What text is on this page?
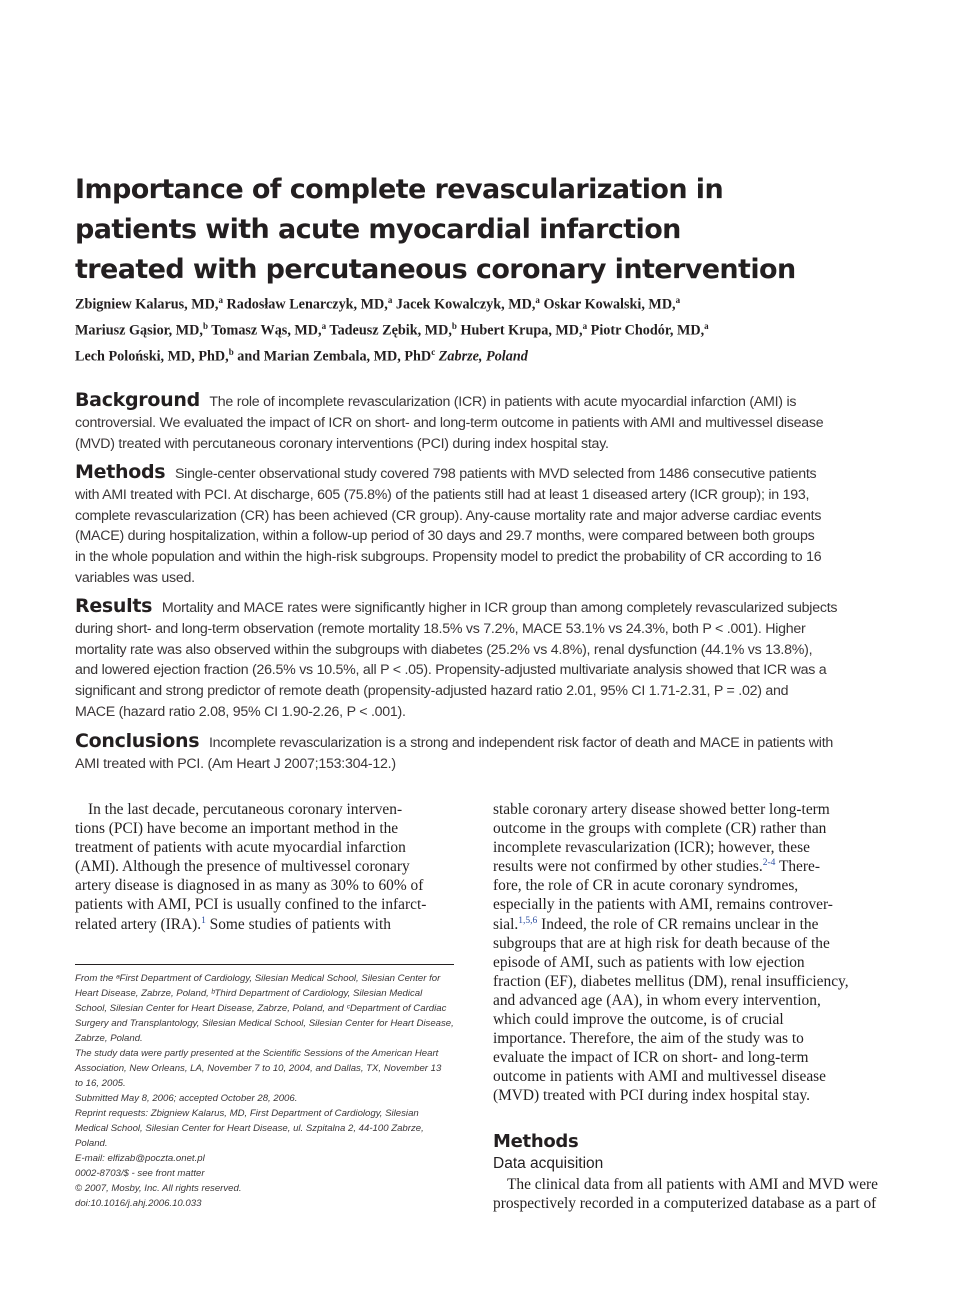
Importance of complete revascularization in
patients with acute myocardial infarction
treated with percutaneous coronary intervention
Zbigniew Kalarus, MD,$^a$ Radosław Lenarczyk, MD,$^a$ Jacek Kowalczyk, MD,$^a$ Oskar Kowalski, MD,$^a$
Mariusz Gąsior, MD,$^b$ Tomasz Wąs, MD,$^a$ Tadeusz Zębik, MD,$^b$ Hubert Krupa, MD,$^a$ Piotr Chodór, MD,$^a$
Lech Poloński, MD, PhD,$^b$ and Marian Zembala, MD, PhD$^c$ Zabrze, Poland
Background The role of incomplete revascularization (ICR) in patients with acute myocardial infarction (AMI) is
controversial. We evaluated the impact of ICR on short- and long-term outcome in patients with AMI and multivessel disease
(MVD) treated with percutaneous coronary interventions (PCI) during index hospital stay.
Methods Single-center observational study covered 798 patients with MVD selected from 1486 consecutive patients
with AMI treated with PCI. At discharge, 605 (75.8%) of the patients still had at least 1 diseased artery (ICR group); in 193,
complete revascularization (CR) has been achieved (CR group). Any-cause mortality rate and major adverse cardiac events
(MACE) during hospitalization, within a follow-up period of 30 days and 29.7 months, were compared between both groups
in the whole population and within the high-risk subgroups. Propensity model to predict the probability of CR according to 16
variables was used.
Results Mortality and MACE rates were significantly higher in ICR group than among completely revascularized subjects
during short- and long-term observation (remote mortality 18.5% vs 7.2%, MACE 53.1% vs 24.3%, both P < .001). Higher
mortality rate was also observed within the subgroups with diabetes (25.2% vs 4.8%), renal dysfunction (44.1% vs 13.8%),
and lowered ejection fraction (26.5% vs 10.5%, all P < .05). Propensity-adjusted multivariate analysis showed that ICR was a
significant and strong predictor of remote death (propensity-adjusted hazard ratio 2.01, 95% CI 1.71-2.31, P = .02) and
MACE (hazard ratio 2.08, 95% CI 1.90-2.26, P < .001).
Conclusions Incomplete revascularization is a strong and independent risk factor of death and MACE in patients with
AMI treated with PCI. (Am Heart J 2007;153:304-12.)
In the last decade, percutaneous coronary interven-
tions (PCI) have become an important method in the
treatment of patients with acute myocardial infarction
(AMI). Although the presence of multivessel coronary
artery disease is diagnosed in as many as 30% to 60% of
patients with AMI, PCI is usually confined to the infarct-
related artery (IRA).$^1$ Some studies of patients with
From the ᵃFirst Department of Cardiology, Silesian Medical School, Silesian Center for
Heart Disease, Zabrze, Poland, ᵇThird Department of Cardiology, Silesian Medical
School, Silesian Center for Heart Disease, Zabrze, Poland, and ᶜDepartment of Cardiac
Surgery and Transplantology, Silesian Medical School, Silesian Center for Heart Disease,
Zabrze, Poland.
The study data were partly presented at the Scientific Sessions of the American Heart
Association, New Orleans, LA, November 7 to 10, 2004, and Dallas, TX, November 13
to 16, 2005.
Submitted May 8, 2006; accepted October 28, 2006.
Reprint requests: Zbigniew Kalarus, MD, First Department of Cardiology, Silesian
Medical School, Silesian Center for Heart Disease, ul. Szpitalna 2, 44-100 Zabrze,
Poland.
E-mail: elfizab@poczta.onet.pl
0002-8703/$ - see front matter
© 2007, Mosby, Inc. All rights reserved.
doi:10.1016/j.ahj.2006.10.033
stable coronary artery disease showed better long-term
outcome in the groups with complete (CR) rather than
incomplete revascularization (ICR); however, these
results were not confirmed by other studies.$^{2-4}$ There-
fore, the role of CR in acute coronary syndromes,
especially in the patients with AMI, remains controver-
sial.$^{1,5,6}$ Indeed, the role of CR remains unclear in the
subgroups that are at high risk for death because of the
episode of AMI, such as patients with low ejection
fraction (EF), diabetes mellitus (DM), renal insufficiency,
and advanced age (AA), in whom every intervention,
which could improve the outcome, is of crucial
importance. Therefore, the aim of the study was to
evaluate the impact of ICR on short- and long-term
outcome in patients with AMI and multivessel disease
(MVD) treated with PCI during index hospital stay.
Methods
Data acquisition
The clinical data from all patients with AMI and MVD were
prospectively recorded in a computerized database as a part of
